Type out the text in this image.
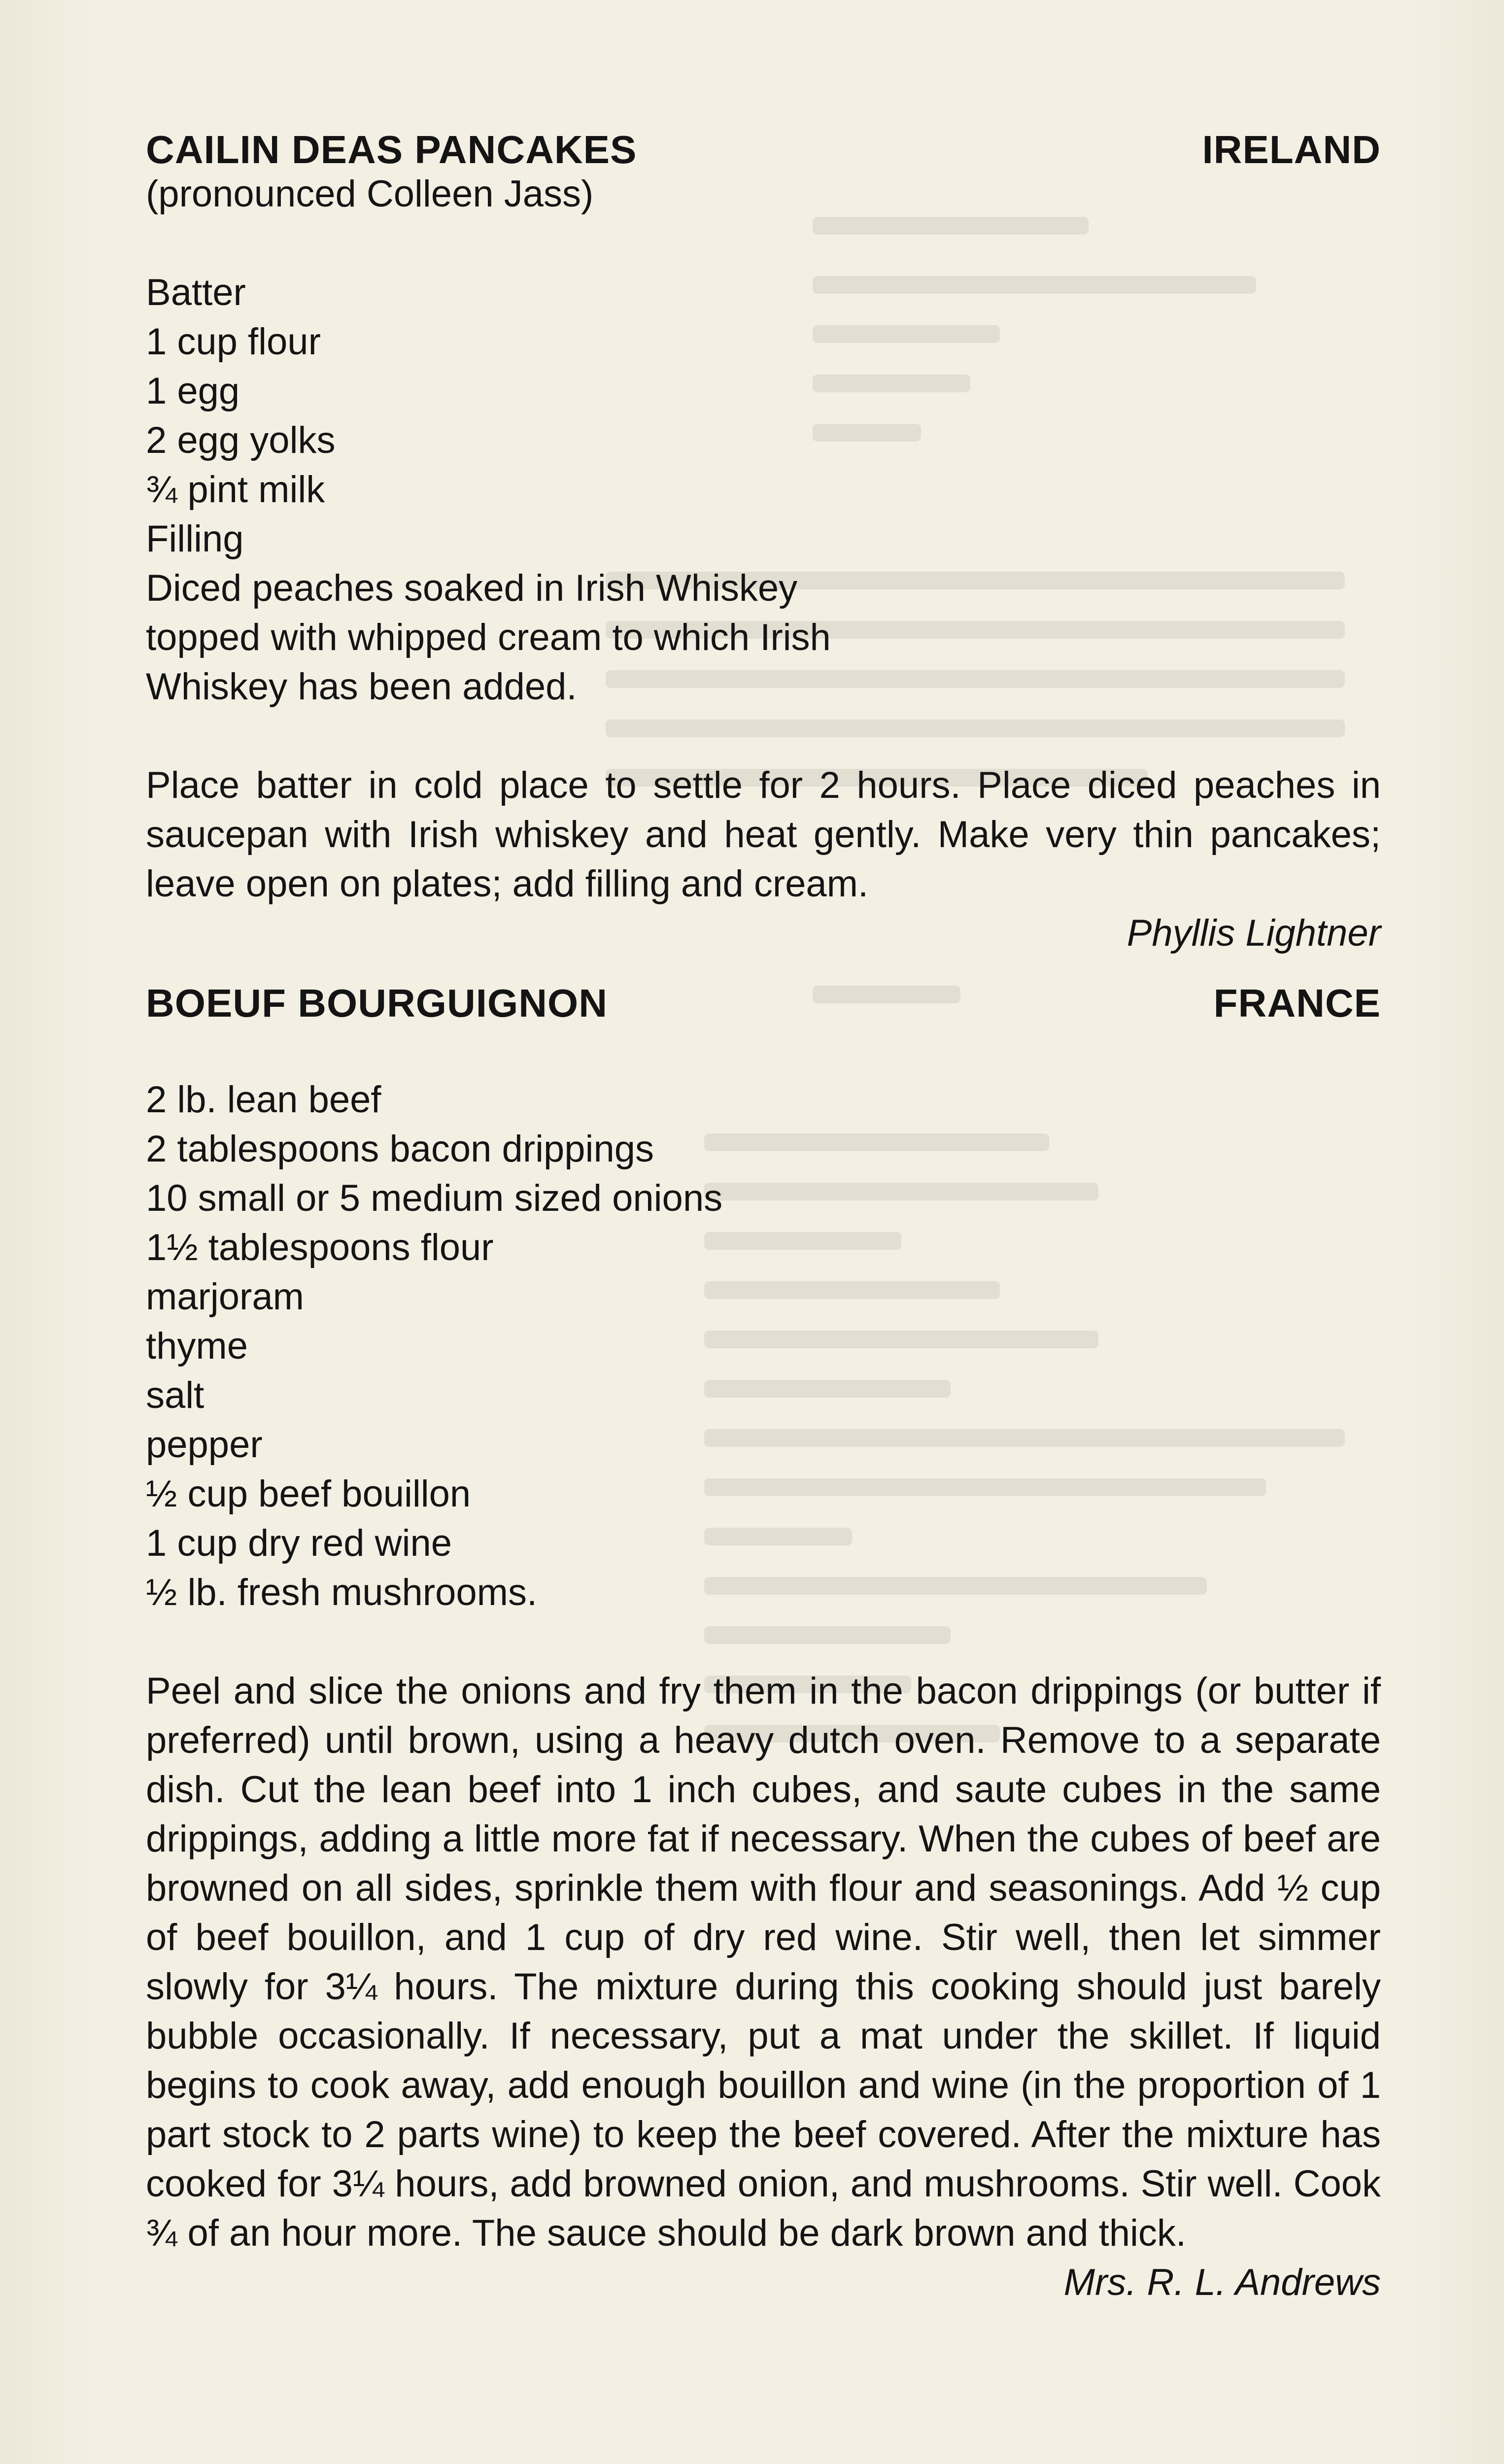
CAILIN DEAS PANCAKES	IRELAND
(pronounced Colleen Jass)
Batter
1 cup flour
1 egg
2 egg yolks
¾ pint milk
Filling
Diced peaches soaked in Irish Whiskey
topped with whipped cream to which Irish
Whiskey has been added.

Place batter in cold place to settle for 2 hours. Place diced peaches in saucepan with Irish whiskey and heat gently. Make very thin pancakes; leave open on plates; add filling and cream.

Phyllis Lightner
BOEUF BOURGUIGNON	FRANCE
2 lb. lean beef
2 tablespoons bacon drippings
10 small or 5 medium sized onions
1½ tablespoons flour
marjoram
thyme
salt
pepper
½ cup beef bouillon
1 cup dry red wine
½ lb. fresh mushrooms.

Peel and slice the onions and fry them in the bacon drippings (or butter if preferred) until brown, using a heavy dutch oven. Remove to a separate dish. Cut the lean beef into 1 inch cubes, and saute cubes in the same drippings, adding a little more fat if necessary. When the cubes of beef are browned on all sides, sprinkle them with flour and seasonings. Add ½ cup of beef bouillon, and 1 cup of dry red wine. Stir well, then let simmer slowly for 3¼ hours. The mixture during this cooking should just barely bubble occasionally. If necessary, put a mat under the skillet. If liquid begins to cook away, add enough bouillon and wine (in the proportion of 1 part stock to 2 parts wine) to keep the beef covered. After the mixture has cooked for 3¼ hours, add browned onion, and mushrooms. Stir well. Cook ¾ of an hour more. The sauce should be dark brown and thick.

Mrs. R. L. Andrews
